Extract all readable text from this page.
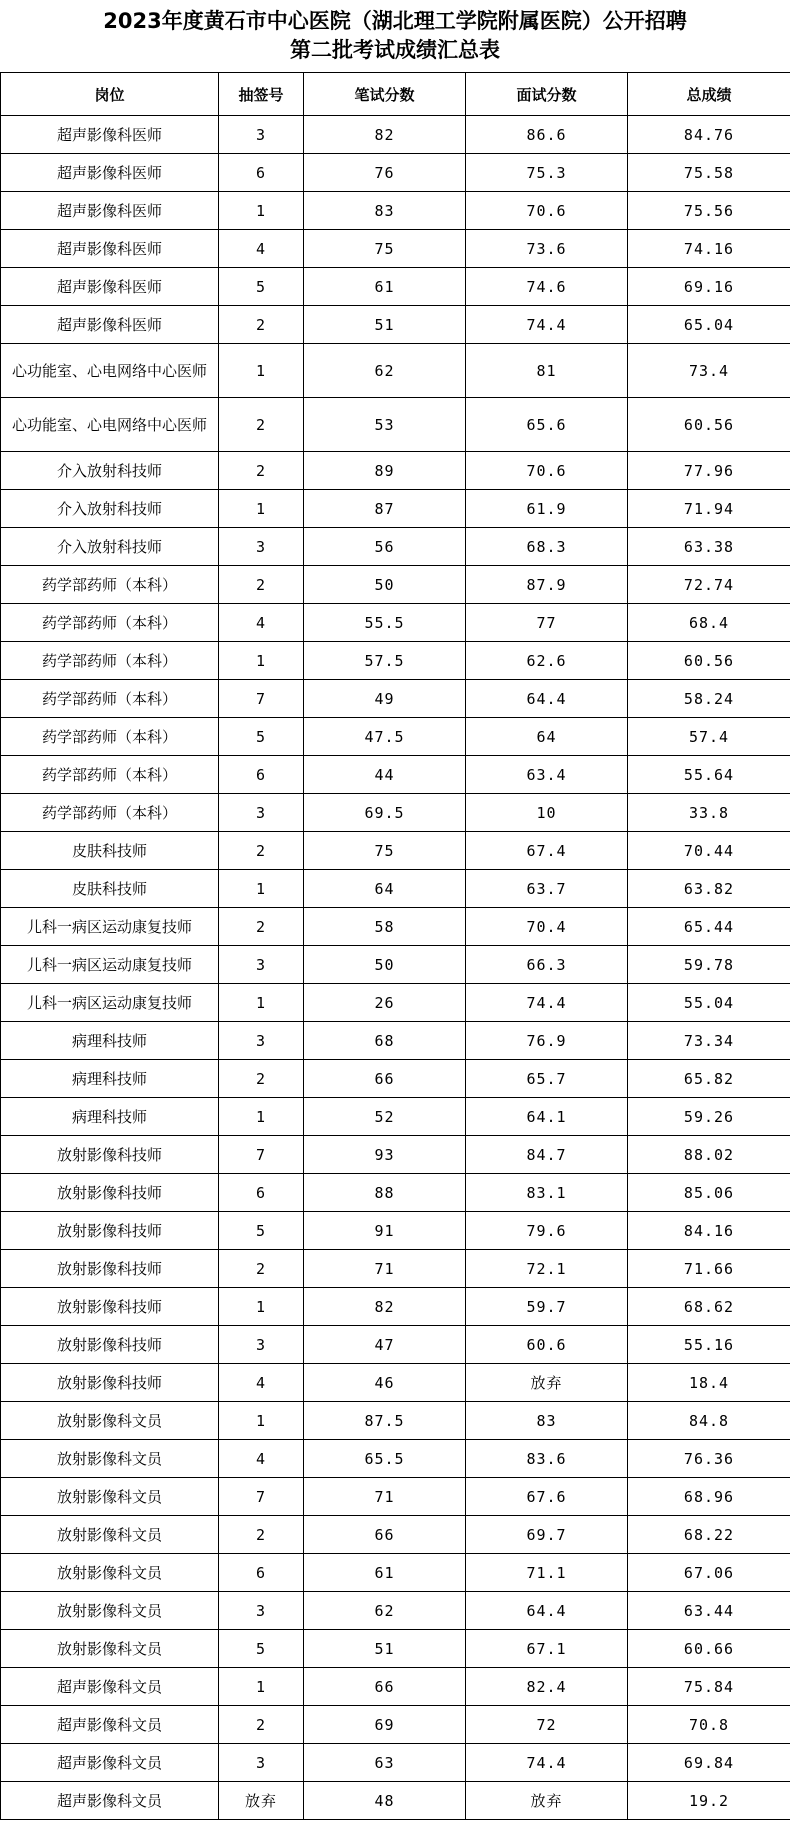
2023年度黄石市中心医院（湖北理工学院附属医院）公开招聘
第二批考试成绩汇总表
岗位	抽签号	笔试分数	面试分数	总成绩
超声影像科医师	3	82	86.6	84.76
超声影像科医师	6	76	75.3	75.58
超声影像科医师	1	83	70.6	75.56
超声影像科医师	4	75	73.6	74.16
超声影像科医师	5	61	74.6	69.16
超声影像科医师	2	51	74.4	65.04
心功能室、心电网络中心医师	1	62	81	73.4
心功能室、心电网络中心医师	2	53	65.6	60.56
介入放射科技师	2	89	70.6	77.96
介入放射科技师	1	87	61.9	71.94
介入放射科技师	3	56	68.3	63.38
药学部药师（本科）	2	50	87.9	72.74
药学部药师（本科）	4	55.5	77	68.4
药学部药师（本科）	1	57.5	62.6	60.56
药学部药师（本科）	7	49	64.4	58.24
药学部药师（本科）	5	47.5	64	57.4
药学部药师（本科）	6	44	63.4	55.64
药学部药师（本科）	3	69.5	10	33.8
皮肤科技师	2	75	67.4	70.44
皮肤科技师	1	64	63.7	63.82
儿科一病区运动康复技师	2	58	70.4	65.44
儿科一病区运动康复技师	3	50	66.3	59.78
儿科一病区运动康复技师	1	26	74.4	55.04
病理科技师	3	68	76.9	73.34
病理科技师	2	66	65.7	65.82
病理科技师	1	52	64.1	59.26
放射影像科技师	7	93	84.7	88.02
放射影像科技师	6	88	83.1	85.06
放射影像科技师	5	91	79.6	84.16
放射影像科技师	2	71	72.1	71.66
放射影像科技师	1	82	59.7	68.62
放射影像科技师	3	47	60.6	55.16
放射影像科技师	4	46	放弃	18.4
放射影像科文员	1	87.5	83	84.8
放射影像科文员	4	65.5	83.6	76.36
放射影像科文员	7	71	67.6	68.96
放射影像科文员	2	66	69.7	68.22
放射影像科文员	6	61	71.1	67.06
放射影像科文员	3	62	64.4	63.44
放射影像科文员	5	51	67.1	60.66
超声影像科文员	1	66	82.4	75.84
超声影像科文员	2	69	72	70.8
超声影像科文员	3	63	74.4	69.84
超声影像科文员	放弃	48	放弃	19.2
